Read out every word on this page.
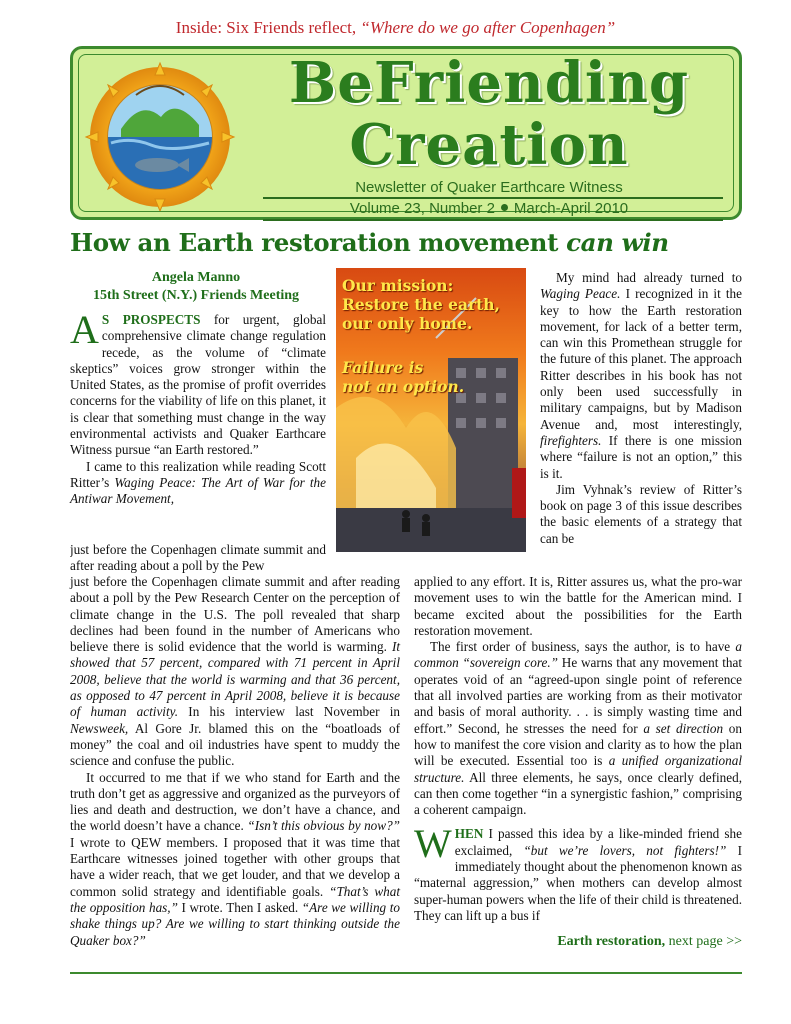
Inside: Six Friends reflect, “Where do we go after Copenhagen”
BeFriending
Creation
Newsletter of Quaker Earthcare Witness
Volume 23, Number 2 March-April 2010
How an Earth restoration movement can win
Angela Manno
15th Street (N.Y.) Friends Meeting

A S PROSPECTS for urgent, global comprehensive climate change regulation recede, as the volume of “climate skeptics” voices grow stronger within the United States, as the promise of profit overrides concerns for the viability of life on this planet, it is clear that something must change in the way environmental activists and Quaker Earthcare Witness pursue “an Earth restored.”

I came to this realization while reading Scott Ritter’s Waging Peace: The Art of War for the Antiwar Movement,

just before the Copenhagen climate summit and after reading about a poll by the Pew

just before the Copenhagen climate summit and after reading about a poll by the Pew Research Center on the perception of climate change in the U.S. The poll revealed that sharp declines had been found in the number of Americans who believe there is solid evidence that the world is warming. It showed that 57 percent, compared with 71 percent in April 2008, believe that the world is warming and that 36 percent, as opposed to 47 percent in April 2008, believe it is because of human activity. In his interview last November in Newsweek, Al Gore Jr. blamed this on the “boatloads of money” the coal and oil industries have spent to muddy the science and confuse the public.

It occurred to me that if we who stand for Earth and the truth don’t get as aggressive and organized as the purveyors of lies and death and destruction, we don’t have a chance, and the world doesn’t have a chance. “Isn’t this obvious by now?” I wrote to QEW members. I proposed that it was time that Earthcare witnesses joined together with other groups that have a wider reach, that we get louder, and that we develop a common solid strategy and identifiable goals. “That’s what the opposition has,” I wrote. Then I asked. “Are we willing to shake things up? Are we willing to start thinking outside the Quaker box?”

Our mission:
Restore the earth,
our only home.
Failure is
not an option.

My mind had already turned to Waging Peace. I recognized in it the key to how the Earth restoration movement, for lack of a better term, can win this Promethean struggle for the future of this planet. The approach Ritter describes in his book has not only been used successfully in military campaigns, but by Madison Avenue and, most interestingly, firefighters. If there is one mission where “failure is not an option,” this is it.

Jim Vyhnak’s review of Ritter’s book on page 3 of this issue describes the basic elements of a strategy that can be

applied to any effort. It is, Ritter assures us, what the pro-war movement uses to win the battle for the American mind. I became excited about the possibilities for the Earth restoration movement.

The first order of business, says the author, is to have a common “sovereign core.” He warns that any movement that operates void of an “agreed-upon single point of reference that all involved parties are working from as their motivator and basis of moral authority. . . is simply wasting time and effort.” Second, he stresses the need for a set direction on how to manifest the core vision and clarity as to how the plan will be executed. Essential too is a unified organizational structure. All three elements, he says, once clearly defined, can then come together “in a synergistic fashion,” comprising a coherent campaign.

WHEN I passed this idea by a like-minded friend she exclaimed, “but we’re lovers, not fighters!” I immediately thought about the phenomenon known as “maternal aggression,” when mothers can develop almost super-human powers when the life of their child is threatened. They can lift up a bus if

Earth restoration, next page >>
